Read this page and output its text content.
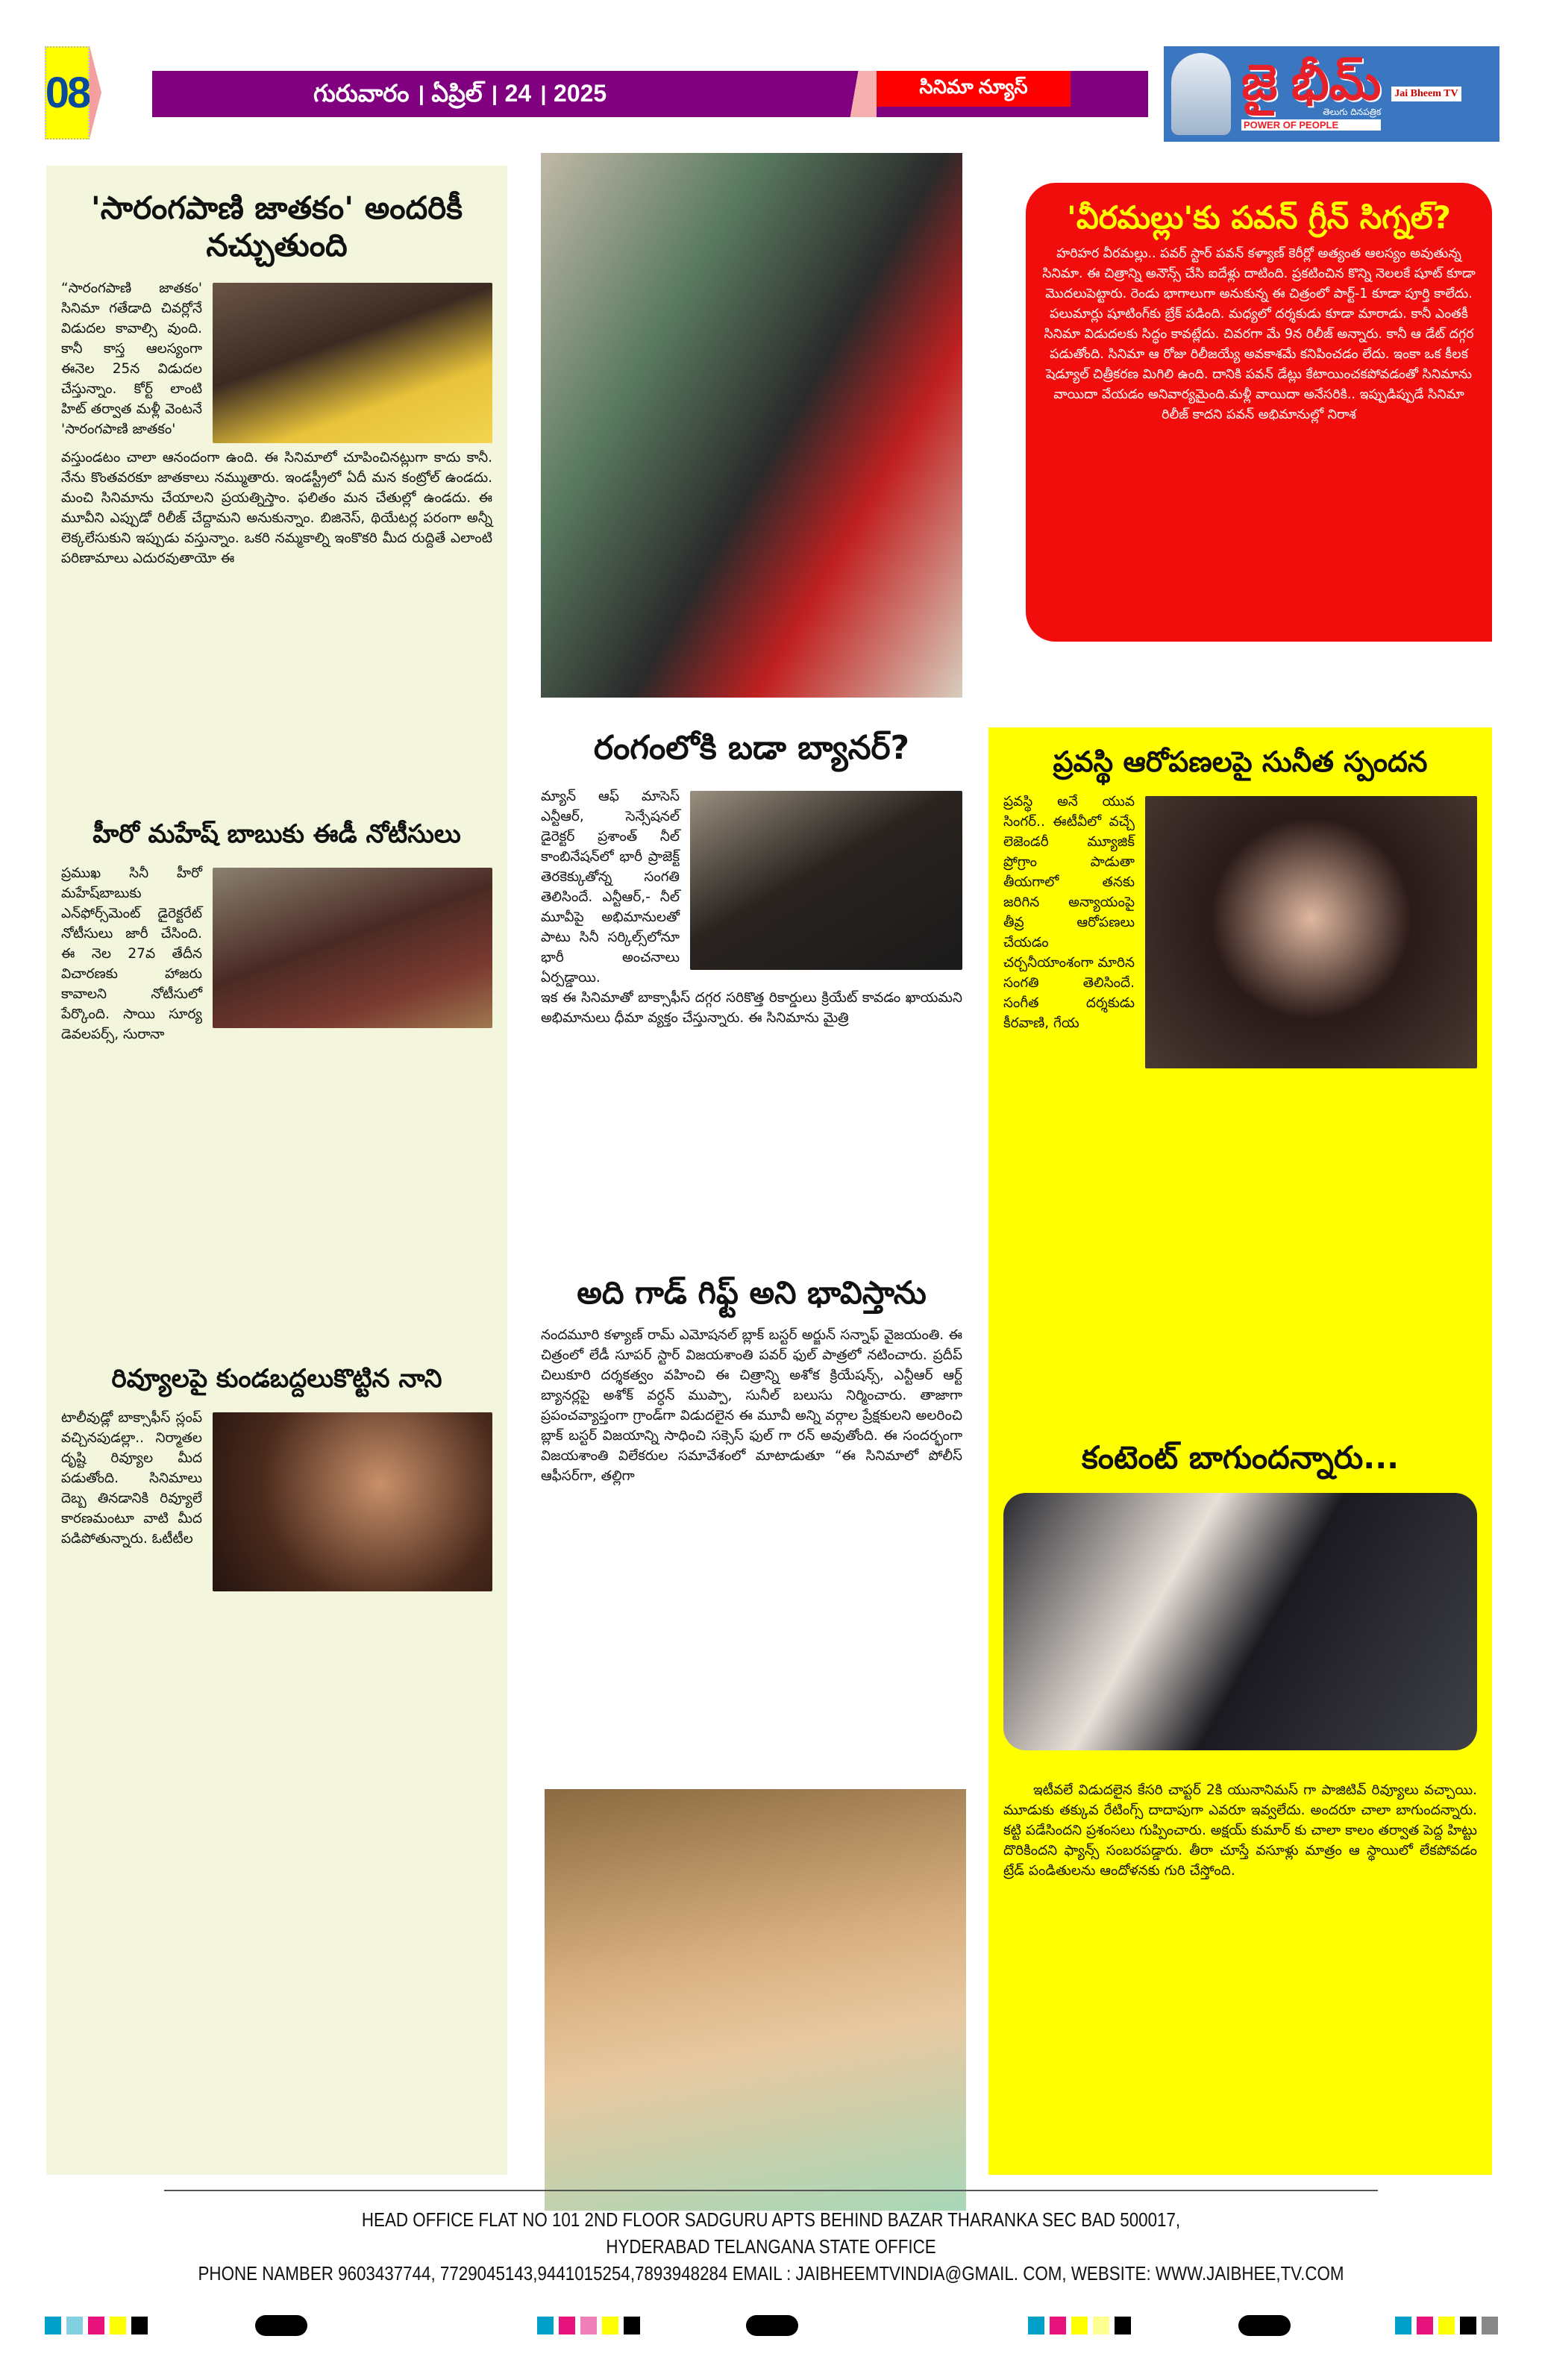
08	గురువారం । ఏప్రిల్ । 24 । 2025	సినిమా న్యూస్	జై భీమ్
తెలుగు దినపత్రిక
POWER OF PEOPLE
Jai Bheem TV
'సారంగపాణి జాతకం' అందరికీ నచ్చుతుంది

“సారంగపాణి జాతకం' సినిమా గతేడాది చివర్లోనే విడుదల కావాల్సి వుంది. కానీ కాస్త ఆలస్యంగా ఈనెల 25న విడుదల చేస్తున్నాం. కోర్ట్ లాంటి హిట్ తర్వాత మళ్లీ వెంటనే 'సారంగపాణి జాతకం'

వస్తుండటం చాలా ఆనందంగా ఉంది. ఈ సినిమాలో చూపించినట్లుగా కాదు కానీ. నేను కొంతవరకూ జాతకాలు నమ్ముతారు. ఇండస్ట్రీలో ఏదీ మన కంట్రోల్ ఉండదు. మంచి సినిమాను చేయాలని ప్రయత్నిస్తాం. ఫలితం మన చేతుల్లో ఉండదు. ఈ మూవీని ఎప్పుడో రిలీజ్ చేద్దామని అనుకున్నాం. బిజినెస్, థియేటర్ల పరంగా అన్నీ లెక్కలేసుకుని ఇప్పుడు వస్తున్నాం. ఒకరి నమ్మకాల్ని ఇంకొకరి మీద రుద్దితే ఎలాంటి పరిణామాలు ఎదురవుతాయో ఈ

హీరో మహేష్ బాబుకు ఈడీ నోటీసులు

ప్రముఖ సినీ హీరో మహేష్‌బాబుకు ఎన్‌ఫోర్స్‌మెంట్ డైరెక్టరేట్ నోటీసులు జారీ చేసింది. ఈ నెల 27వ తేదీన విచారణకు హాజరు కావాలని నోటీసులో పేర్కొంది. సాయి సూర్య డెవలపర్స్, సురానా

రివ్యూలపై కుండబద్దలుకొట్టిన నాని

టాలీవుడ్లో బాక్సాఫీస్ స్లంప్ వచ్చినపుడల్లా.. నిర్మాతల దృష్టి రివ్యూల మీద పడుతోంది. సినిమాలు దెబ్బ తినడానికి రివ్యూలే కారణమంటూ వాటి మీద పడిపోతున్నారు. ఓటీటీల

రంగంలోకి బడా బ్యానర్?

మ్యాన్ ఆఫ్ మాసెస్ ఎన్టీఆర్, సెన్సేషనల్ డైరెక్టర్ ప్రశాంత్ నీల్ కాంబినేషన్‌లో భారీ ప్రాజెక్ట్ తెరకెక్కుతోన్న సంగతి తెలిసిందే. ఎన్టీఆర్,- నీల్ మూవీపై అభిమానులతో పాటు సినీ సర్కిల్స్‌లోనూ భారీ అంచనాలు ఏర్పడ్డాయి.

ఇక ఈ సినిమాతో బాక్సాఫీస్ దగ్గర సరికొత్త రికార్డులు క్రియేట్ కావడం ఖాయమని అభిమానులు ధీమా వ్యక్తం చేస్తున్నారు. ఈ సినిమాను మైత్రి

అది గాడ్ గిఫ్ట్ అని భావిస్తాను

నందమూరి కళ్యాణ్ రామ్ ఎమోషనల్ బ్లాక్ బస్టర్ అర్జున్ సన్నాఫ్ వైజయంతి. ఈ చిత్రంలో లేడీ సూపర్ స్టార్ విజయశాంతి పవర్ ఫుల్ పాత్రలో నటించారు. ప్రదీప్ చిలుకూరి దర్శకత్వం వహించి ఈ చిత్రాన్ని అశోక క్రియేషన్స్, ఎన్టీఆర్ ఆర్ట్ బ్యానర్లపై అశోక్ వర్ధన్ ముప్పా, సునీల్ బలుసు నిర్మించారు. తాజాగా ప్రపంచవ్యాప్తంగా గ్రాండ్‌గా విడుదలైన ఈ మూవీ అన్ని వర్గాల ప్రేక్షకులని అలరించి బ్లాక్ బస్టర్ విజయాన్ని సాధించి సక్సెస్ ఫుల్ గా రన్ అవుతోంది. ఈ సందర్భంగా విజయశాంతి విలేకరుల సమావేశంలో మాటాడుతూ “ఈ సినిమాలో పోలీస్ ఆఫీసర్‌గా, తల్లిగా

'వీరమల్లు'కు పవన్ గ్రీన్ సిగ్నల్?

హరిహర వీరమల్లు.. పవర్ స్టార్ పవన్ కళ్యాణ్ కెరీర్లో అత్యంత ఆలస్యం అవుతున్న సినిమా. ఈ చిత్రాన్ని అనౌన్స్ చేసి ఐదేళ్లు దాటింది. ప్రకటించిన కొన్ని నెలలకే షూట్ కూడా మొదలుపెట్టారు. రెండు భాగాలుగా అనుకున్న ఈ చిత్రంలో పార్ట్-1 కూడా పూర్తి కాలేదు. పలుమార్లు షూటింగ్‌కు బ్రేక్ పడింది. మధ్యలో దర్శకుడు కూడా మారాడు. కానీ ఎంతకీ సినిమా విడుదలకు సిద్ధం కావట్లేదు. చివరగా మే 9న రిలీజ్ అన్నారు. కానీ ఆ డేట్ దగ్గర పడుతోంది. సినిమా ఆ రోజు రిలీజయ్యే అవకాశమే కనిపించడం లేదు. ఇంకా ఒక కీలక షెడ్యూల్ చిత్రీకరణ మిగిలి ఉంది. దానికి పవన్ డేట్లు కేటాయించకపోవడంతో సినిమాను వాయిదా వేయడం అనివార్యమైంది.మళ్లీ వాయిదా అనేసరికి.. ఇప్పుడిప్పుడే సినిమా రిలీజ్ కాదని పవన్ అభిమానుల్లో నిరాశ

ప్రవస్థి ఆరోపణలపై సునీత స్పందన

ప్రవస్థి అనే యువ సింగర్.. ఈటీవీలో వచ్చే లెజెండరీ మ్యూజిక్ ప్రోగ్రాం పాడుతా తీయగాలో తనకు జరిగిన అన్యాయంపై తీవ్ర ఆరోపణలు చేయడం చర్చనీయాంశంగా మారిన సంగతి తెలిసిందే. సంగీత దర్శకుడు కీరవాణి, గేయ

కంటెంట్ బాగుందన్నారు...

ఇటీవలే విడుదలైన కేసరి చాప్టర్ 2కి యునానిమస్ గా పాజిటివ్ రివ్యూలు వచ్చాయి. మూడుకు తక్కువ రేటింగ్స్ దాదాపుగా ఎవరూ ఇవ్వలేదు. అందరూ చాలా బాగుందన్నారు. కట్టి పడేసిందని ప్రశంసలు గుప్పించారు. అక్షయ్ కుమార్ కు చాలా కాలం తర్వాత పెద్ద హిట్టు దొరికిందని ఫ్యాన్స్ సంబరపడ్డారు. తీరా చూస్తే వసూళ్లు మాత్రం ఆ స్థాయిలో లేకపోవడం ట్రేడ్ పండితులను ఆందోళనకు గురి చేస్తోంది.

HEAD OFFICE FLAT NO 101 2ND FLOOR SADGURU APTS BEHIND BAZAR THARANKA SEC BAD 500017,
HYDERABAD TELANGANA STATE OFFICE
PHONE NAMBER 9603437744, 7729045143,9441015254,7893948284 EMAIL : JAIBHEEMTVINDIA@GMAIL. COM, WEBSITE: WWW.JAIBHEE,TV.COM
